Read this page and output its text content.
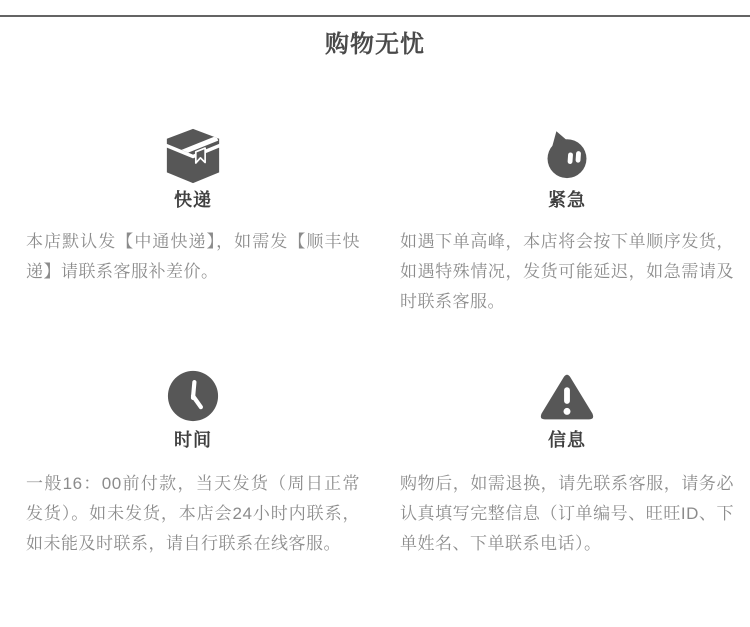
购物无忧
快递	紧急

本店默认发【中通快递】，如需发【顺丰快递】请联系客服补差价。

如遇下单高峰，本店将会按下单顺序发货，如遇特殊情况，发货可能延迟，如急需请及时联系客服。

时间	信息

一般16：00前付款，当天发货（周日正常发货）。如未发货，本店会24小时内联系，如未能及时联系，请自行联系在线客服。

购物后，如需退换，请先联系客服，请务必认真填写完整信息（订单编号、旺旺ID、下单姓名、下单联系电话）。
